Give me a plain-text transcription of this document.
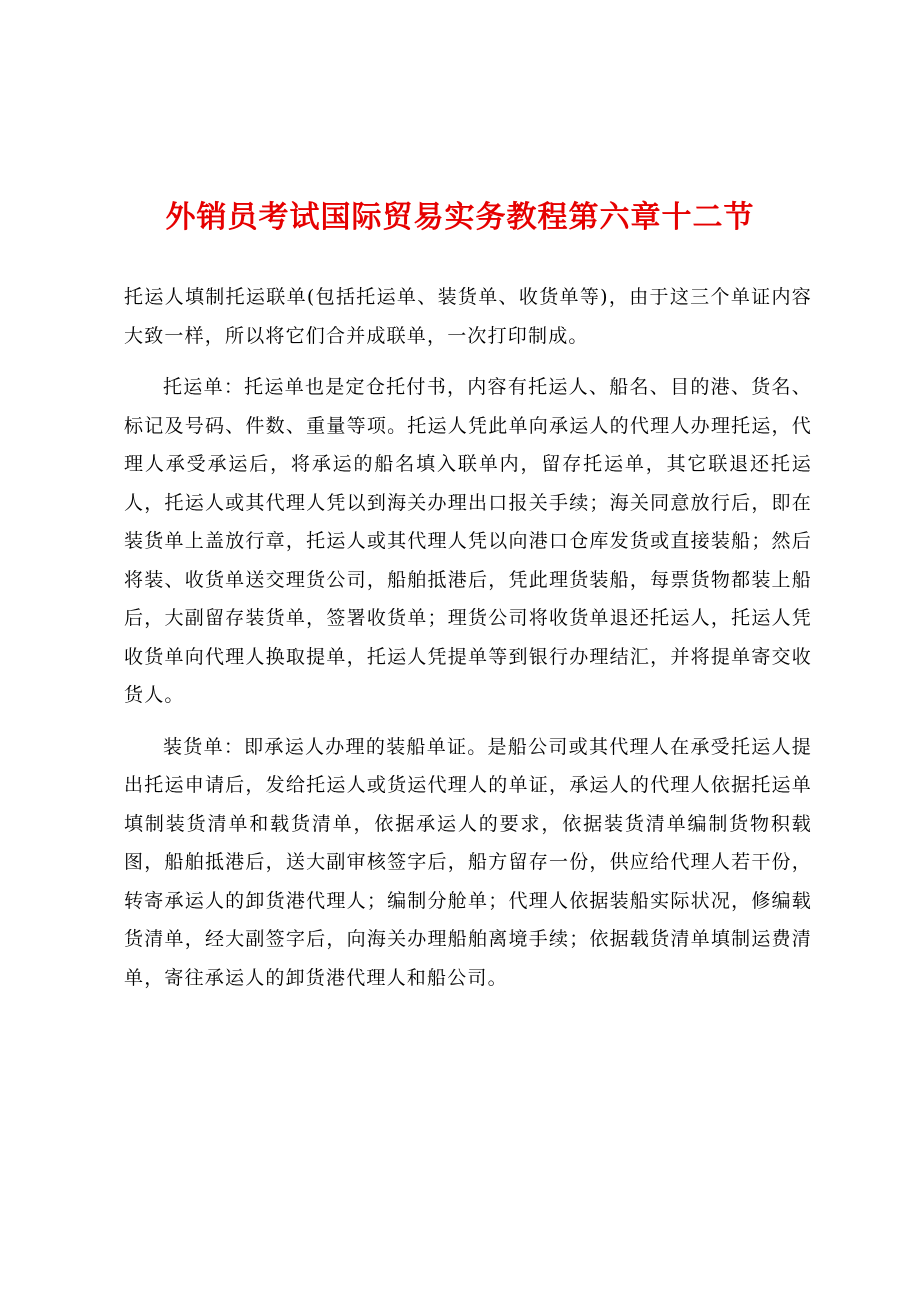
外销员考试国际贸易实务教程第六章十二节

托运人填制托运联单(包括托运单、装货单、收货单等)，由于这三个单证内容大致一样，所以将它们合并成联单，一次打印制成。

托运单：托运单也是定仓托付书，内容有托运人、船名、目的港、货名、标记及号码、件数、重量等项。托运人凭此单向承运人的代理人办理托运，代理人承受承运后，将承运的船名填入联单内，留存托运单，其它联退还托运人，托运人或其代理人凭以到海关办理出口报关手续；海关同意放行后，即在装货单上盖放行章，托运人或其代理人凭以向港口仓库发货或直接装船；然后将装、收货单送交理货公司，船舶抵港后，凭此理货装船，每票货物都装上船后，大副留存装货单，签署收货单；理货公司将收货单退还托运人，托运人凭收货单向代理人换取提单，托运人凭提单等到银行办理结汇，并将提单寄交收货人。

装货单：即承运人办理的装船单证。是船公司或其代理人在承受托运人提出托运申请后，发给托运人或货运代理人的单证，承运人的代理人依据托运单填制装货清单和载货清单，依据承运人的要求，依据装货清单编制货物积载图，船舶抵港后，送大副审核签字后，船方留存一份，供应给代理人若干份，转寄承运人的卸货港代理人；编制分舱单；代理人依据装船实际状况，修编载货清单，经大副签字后，向海关办理船舶离境手续；依据载货清单填制运费清单，寄往承运人的卸货港代理人和船公司。
